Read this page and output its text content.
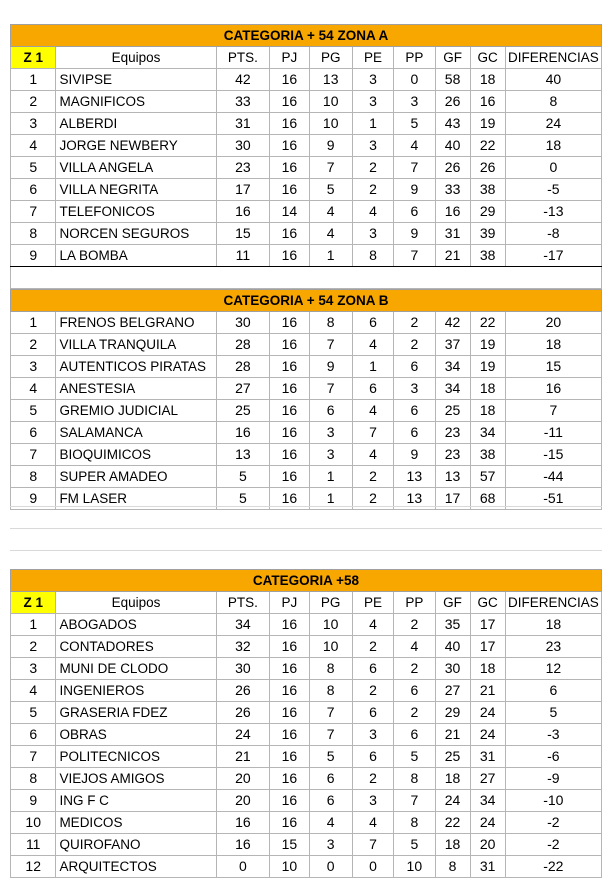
CATEGORIA + 54 ZONA A									
Z 1	Equipos	PTS.	PJ	PG	PE	PP	GF	GC	DIFERENCIAS
1	SIVIPSE	42	16	13	3	0	58	18	40
2	MAGNIFICOS	33	16	10	3	3	26	16	8
3	ALBERDI	31	16	10	1	5	43	19	24
4	JORGE NEWBERY	30	16	9	3	4	40	22	18
5	VILLA ANGELA	23	16	7	2	7	26	26	0
6	VILLA NEGRITA	17	16	5	2	9	33	38	-5
7	TELEFONICOS	16	14	4	4	6	16	29	-13
8	NORCEN SEGUROS	15	16	4	3	9	31	39	-8
9	LA BOMBA	11	16	1	8	7	21	38	-17

CATEGORIA + 54 ZONA B									
1	FRENOS BELGRANO	30	16	8	6	2	42	22	20
2	VILLA TRANQUILA	28	16	7	4	2	37	19	18
3	AUTENTICOS PIRATAS	28	16	9	1	6	34	19	15
4	ANESTESIA	27	16	7	6	3	34	18	16
5	GREMIO JUDICIAL	25	16	6	4	6	25	18	7
6	SALAMANCA	16	16	3	7	6	23	34	-11
7	BIOQUIMICOS	13	16	3	4	9	23	38	-15
8	SUPER AMADEO	5	16	1	2	13	13	57	-44
9	FM LASER	5	16	1	2	13	17	68	-51
CATEGORIA +58									
Z 1	Equipos	PTS.	PJ	PG	PE	PP	GF	GC	DIFERENCIAS
1	ABOGADOS	34	16	10	4	2	35	17	18
2	CONTADORES	32	16	10	2	4	40	17	23
3	MUNI DE CLODO	30	16	8	6	2	30	18	12
4	INGENIEROS	26	16	8	2	6	27	21	6
5	GRASERIA FDEZ	26	16	7	6	2	29	24	5
6	OBRAS	24	16	7	3	6	21	24	-3
7	POLITECNICOS	21	16	5	6	5	25	31	-6
8	VIEJOS AMIGOS	20	16	6	2	8	18	27	-9
9	ING F C	20	16	6	3	7	24	34	-10
10	MEDICOS	16	16	4	4	8	22	24	-2
11	QUIROFANO	16	15	3	7	5	18	20	-2
12	ARQUITECTOS	0	10	0	0	10	8	31	-22
